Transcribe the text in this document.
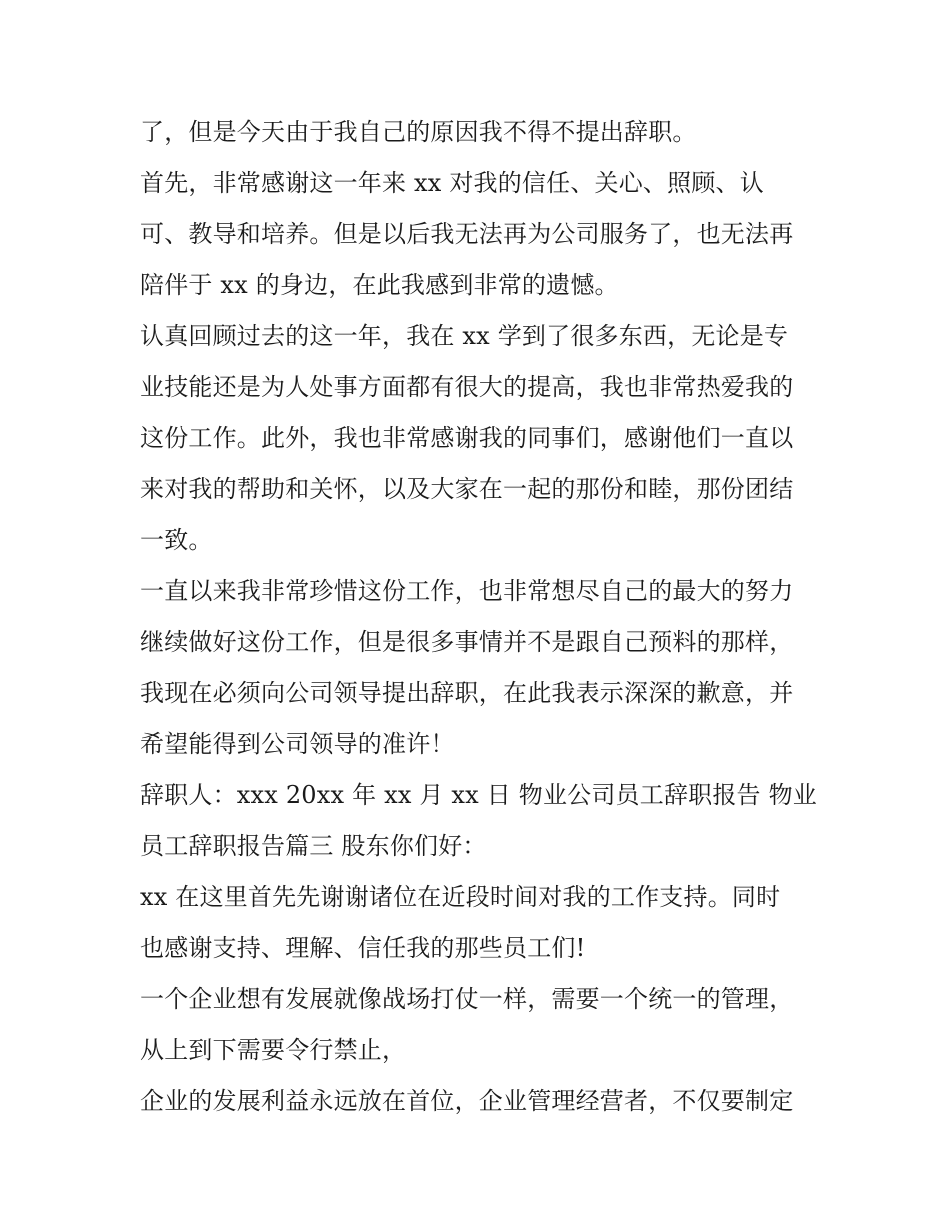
了，但是今天由于我自己的原因我不得不提出辞职。
首先，非常感谢这一年来 xx 对我的信任、关心、照顾、认
可、教导和培养。但是以后我无法再为公司服务了，也无法再
陪伴于 xx 的身边，在此我感到非常的遗憾。
认真回顾过去的这一年，我在 xx 学到了很多东西，无论是专
业技能还是为人处事方面都有很大的提高，我也非常热爱我的
这份工作。此外，我也非常感谢我的同事们，感谢他们一直以
来对我的帮助和关怀，以及大家在一起的那份和睦，那份团结
一致。
一直以来我非常珍惜这份工作，也非常想尽自己的最大的努力
继续做好这份工作，但是很多事情并不是跟自己预料的那样，
我现在必须向公司领导提出辞职，在此我表示深深的歉意，并
希望能得到公司领导的准许！
辞职人：xxx 20xx 年 xx 月 xx 日 物业公司员工辞职报告 物业
员工辞职报告篇三 股东你们好：
xx 在这里首先先谢谢诸位在近段时间对我的工作支持。同时
也感谢支持、理解、信任我的那些员工们!
一个企业想有发展就像战场打仗一样，需要一个统一的管理，
从上到下需要令行禁止，
企业的发展利益永远放在首位，企业管理经营者，不仅要制定
